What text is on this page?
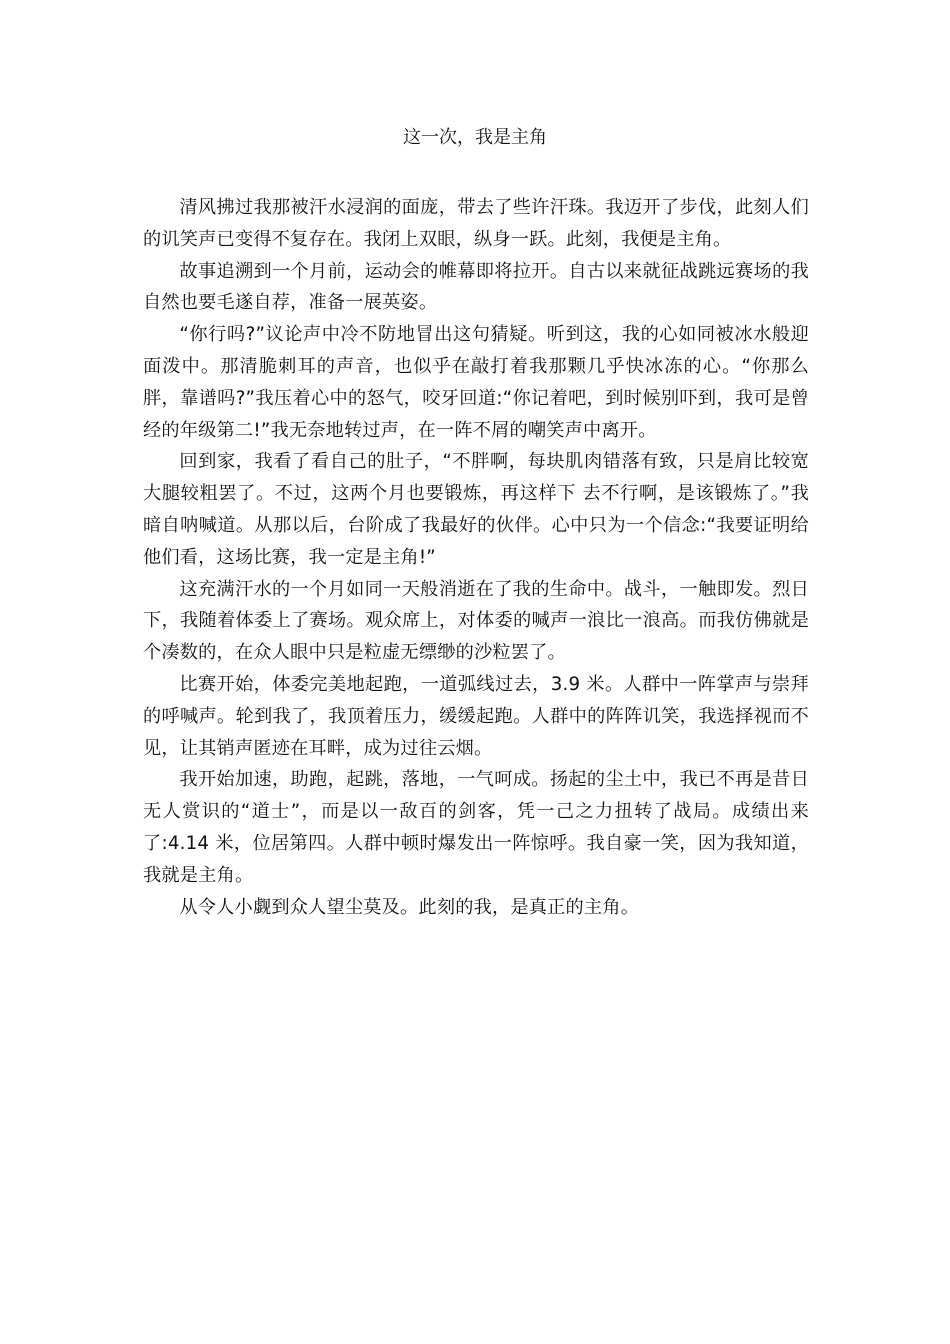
这一次，我是主角

清风拂过我那被汗水浸润的面庞，带去了些许汗珠。我迈开了步伐，此刻人们的讥笑声已变得不复存在。我闭上双眼，纵身一跃。此刻，我便是主角。

故事追溯到一个月前，运动会的帷幕即将拉开。自古以来就征战跳远赛场的我自然也要毛遂自荐，准备一展英姿。

“你行吗?”议论声中冷不防地冒出这句猜疑。听到这，我的心如同被冰水般迎面泼中。那清脆刺耳的声音，也似乎在敲打着我那颗几乎快冰冻的心。“你那么胖，靠谱吗?”我压着心中的怒气，咬牙回道:“你记着吧，到时候别吓到，我可是曾经的年级第二!”我无奈地转过声，在一阵不屑的嘲笑声中离开。

回到家，我看了看自己的肚子，“不胖啊，每块肌肉错落有致，只是肩比较宽大腿较粗罢了。不过，这两个月也要锻炼，再这样下 去不行啊，是该锻炼了。”我暗自呐喊道。从那以后，台阶成了我最好的伙伴。心中只为一个信念:“我要证明给他们看，这场比赛，我一定是主角!”

这充满汗水的一个月如同一天般消逝在了我的生命中。战斗，一触即发。烈日下，我随着体委上了赛场。观众席上，对体委的喊声一浪比一浪高。而我仿佛就是个凑数的，在众人眼中只是粒虚无缥缈的沙粒罢了。

比赛开始，体委完美地起跑，一道弧线过去，3.9 米。人群中一阵掌声与崇拜的呼喊声。轮到我了，我顶着压力，缓缓起跑。人群中的阵阵讥笑，我选择视而不见，让其销声匿迹在耳畔，成为过往云烟。

我开始加速，助跑，起跳，落地，一气呵成。扬起的尘土中，我已不再是昔日无人赏识的“道士”，而是以一敌百的剑客，凭一己之力扭转了战局。成绩出来了:4.14 米，位居第四。人群中顿时爆发出一阵惊呼。我自豪一笑，因为我知道，我就是主角。

从令人小觑到众人望尘莫及。此刻的我，是真正的主角。
